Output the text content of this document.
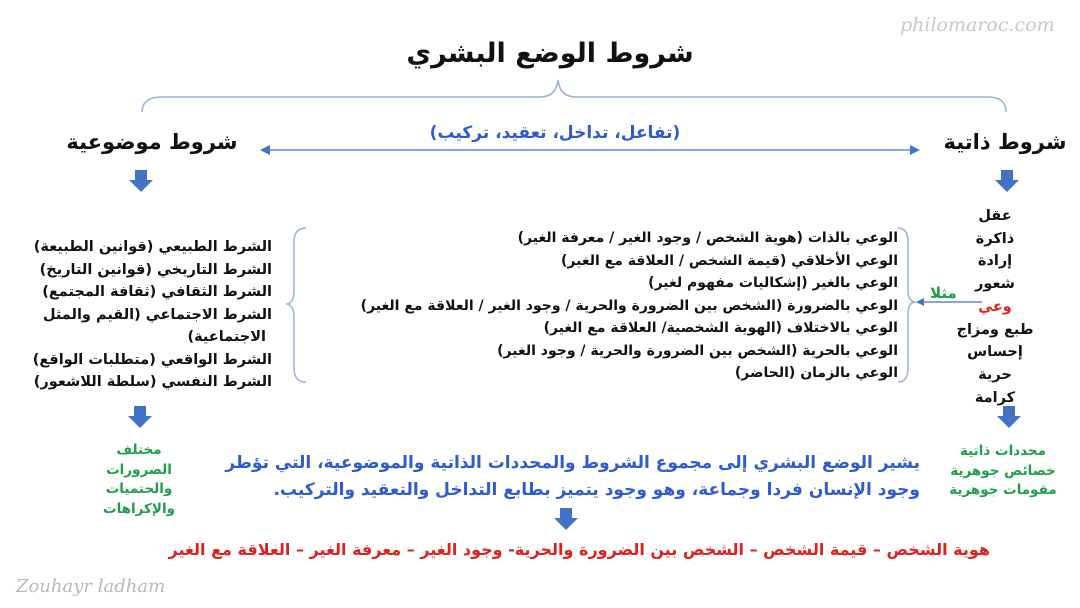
philomaroc.com
Zouhayr ladham
شروط الوضع البشري
شروط موضوعية	شروط ذاتية
(تفاعل، تداخل، تعقيد، تركيب)
الشرط الطبيعي (قوانين الطبيعة)
الشرط التاريخي (قوانين التاريخ)
الشرط الثقافي (ثقافة المجتمع)
الشرط الاجتماعي (القيم والمثل
الاجتماعية)
الشرط الواقعي (متطلبات الواقع)
الشرط النفسي (سلطة اللاشعور)
الوعي بالذات (هوية الشخص / وجود الغير / معرفة الغير)
الوعي الأخلاقي (قيمة الشخص / العلاقة مع الغير)
الوعي بالغير (إشكاليات مفهوم لغير)
الوعي بالضرورة (الشخص بين الضرورة والحرية / وجود الغير / العلاقة مع الغير)
الوعي بالاختلاف (الهوية الشخصية/ العلاقة مع الغير)
الوعي بالحرية (الشخص بين الضرورة والحرية / وجود الغير)
الوعي بالزمان (الحاضر)
عقل
ذاكرة
إرادة
شعور
وعي
طبع ومزاج
إحساس
حرية
كرامة
مثلا
مختلف
الضرورات
والحتميات
والإكراهات
محددات ذاتية
خصائص جوهرية
مقومات جوهرية
يشير الوضع البشري إلى مجموع الشروط والمحددات الذاتية والموضوعية، التي تؤطر
وجود الإنسان فردا وجماعة، وهو وجود يتميز بطابع التداخل والتعقيد والتركيب.
هوية الشخص – قيمة الشخص – الشخص بين الضرورة والحرية- وجود الغير – معرفة الغير – العلاقة مع الغير
